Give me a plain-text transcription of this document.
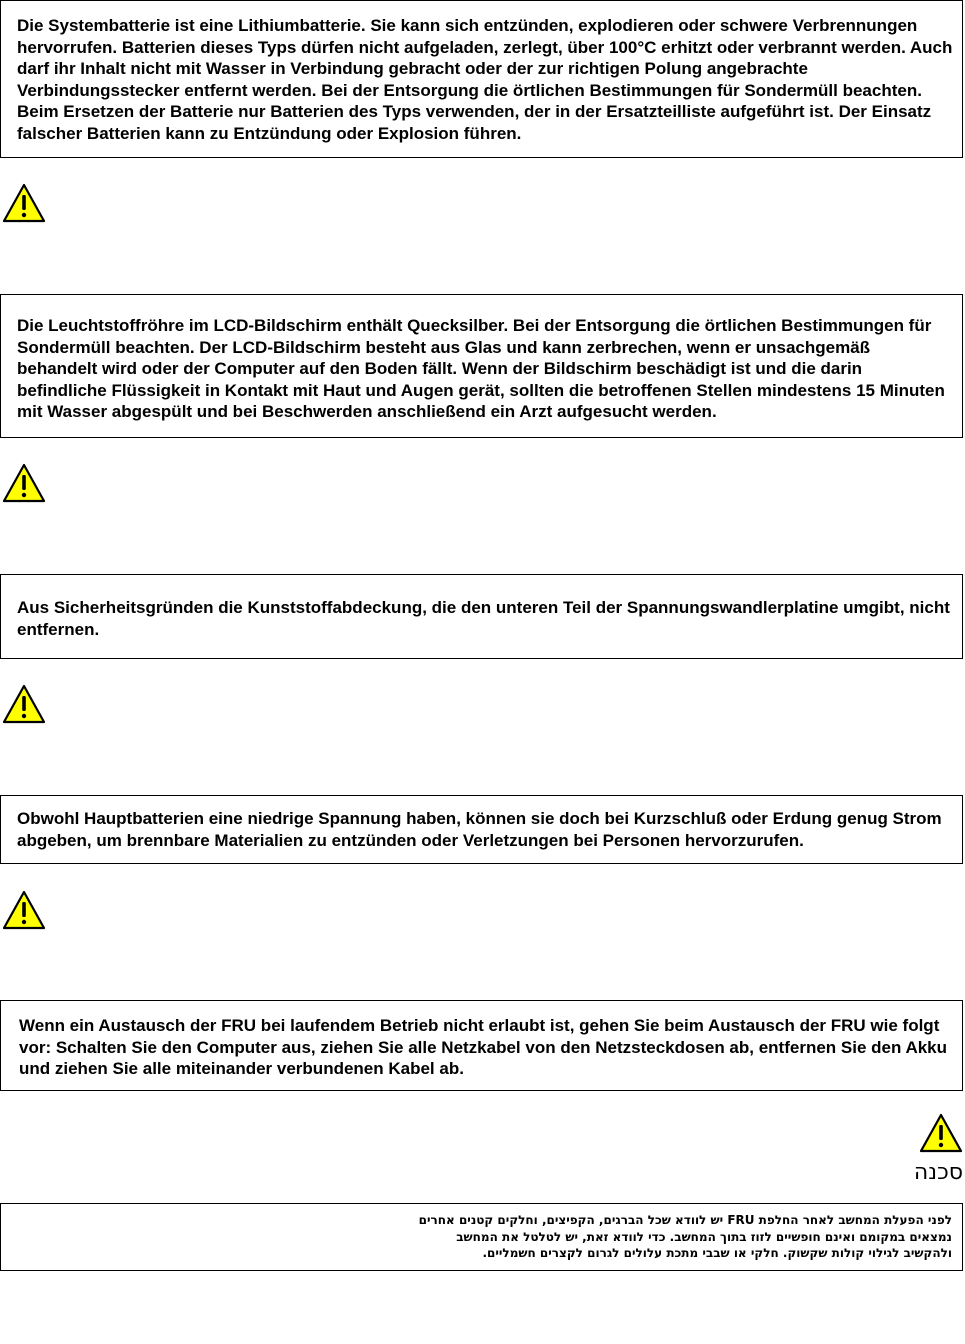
Die Systembatterie ist eine Lithiumbatterie. Sie kann sich entzünden, explodieren oder schwere Verbrennungen hervorrufen. Batterien dieses Typs dürfen nicht aufgeladen, zerlegt, über 100°C erhitzt oder verbrannt werden. Auch darf ihr Inhalt nicht mit Wasser in Verbindung gebracht oder der zur richtigen Polung angebrachte Verbindungsstecker entfernt werden. Bei der Entsorgung die örtlichen Bestimmungen für Sondermüll beachten. Beim Ersetzen der Batterie nur Batterien des Typs verwenden, der in der Ersatzteilliste aufgeführt ist. Der Einsatz falscher Batterien kann zu Entzündung oder Explosion führen.

Die Leuchtstoffröhre im LCD-Bildschirm enthält Quecksilber. Bei der Entsorgung die örtlichen Bestimmungen für Sondermüll beachten. Der LCD-Bildschirm besteht aus Glas und kann zerbrechen, wenn er unsachgemäß behandelt wird oder der Computer auf den Boden fällt. Wenn der Bildschirm beschädigt ist und die darin befindliche Flüssigkeit in Kontakt mit Haut und Augen gerät, sollten die betroffenen Stellen mindestens 15 Minuten mit Wasser abgespült und bei Beschwerden anschließend ein Arzt aufgesucht werden.

Aus Sicherheitsgründen die Kunststoffabdeckung, die den unteren Teil der Spannungswandlerplatine umgibt, nicht entfernen.

Obwohl Hauptbatterien eine niedrige Spannung haben, können sie doch bei Kurzschluß oder Erdung genug Strom abgeben, um brennbare Materialien zu entzünden oder Verletzungen bei Personen hervorzurufen.

Wenn ein Austausch der FRU bei laufendem Betrieb nicht erlaubt ist, gehen Sie beim Austausch der FRU wie folgt vor: Schalten Sie den Computer aus, ziehen Sie alle Netzkabel von den Netzsteckdosen ab, entfernen Sie den Akku und ziehen Sie alle miteinander verbundenen Kabel ab.

סכנה

לפני הפעלת המחשב לאחר החלפת FRU יש לוודא שכל הברגים, הקפיצים, וחלקים קטנים אחרים

נמצאים במקומם ואינם חופשיים לזוז בתוך המחשב. כדי לוודא זאת, יש לטלטל את המחשב

ולהקשיב לגילוי קולות שקשוק. חלקי או שבבי מתכת עלולים לגרום לקצרים חשמליים.
